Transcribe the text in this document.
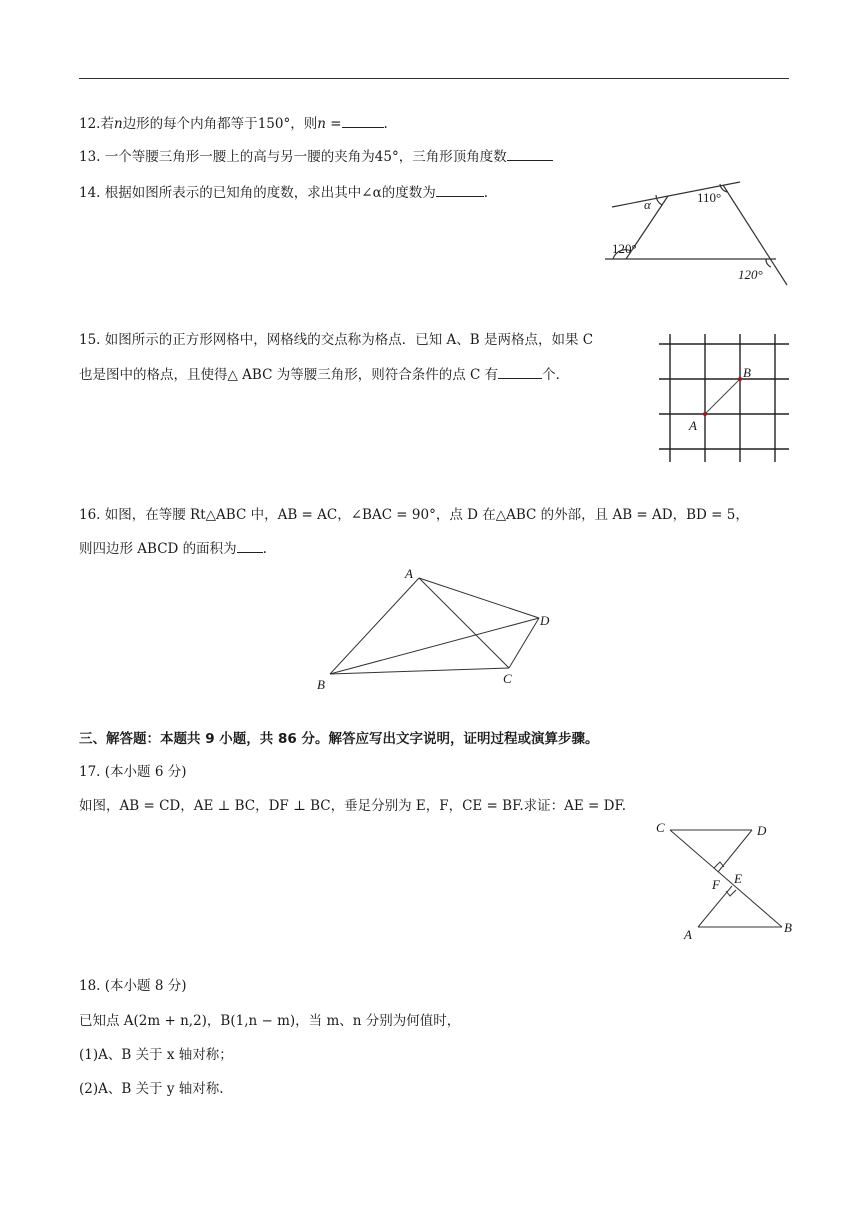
12.若n边形的每个内角都等于150°，则n =	.
13. 一个等腰三角形一腰上的高与另一腰的夹角为45°，三角形顶角度数
14. 根据如图所表示的已知角的度数，求出其中∠α的度数为	.
α	110°
120°
120°
15. 如图所示的正方形网格中，网格线的交点称为格点．已知 A、B 是两格点，如果 C
也是图中的格点，且使得△ ABC 为等腰三角形，则符合条件的点 C 有	个．
A
B
16. 如图，在等腰 Rt△ABC 中，AB = AC，∠BAC = 90°，点 D 在△ABC 的外部，且 AB = AD，BD = 5，
则四边形 ABCD 的面积为 .
A
B	C
D
三、解答题：本题共 9 小题，共 86 分。解答应写出文字说明，证明过程或演算步骤。
17. (本小题 6 分)
如图，AB = CD，AE ⊥ BC，DF ⊥ BC，垂足分别为 E，F，CE = BF.求证：AE = DF.
C	D
F E
A	B
18. (本小题 8 分)
已知点 A(2m + n,2)，B(1,n − m)，当 m、n 分别为何值时，
(1)A、B 关于 x 轴对称；
(2)A、B 关于 y 轴对称.
